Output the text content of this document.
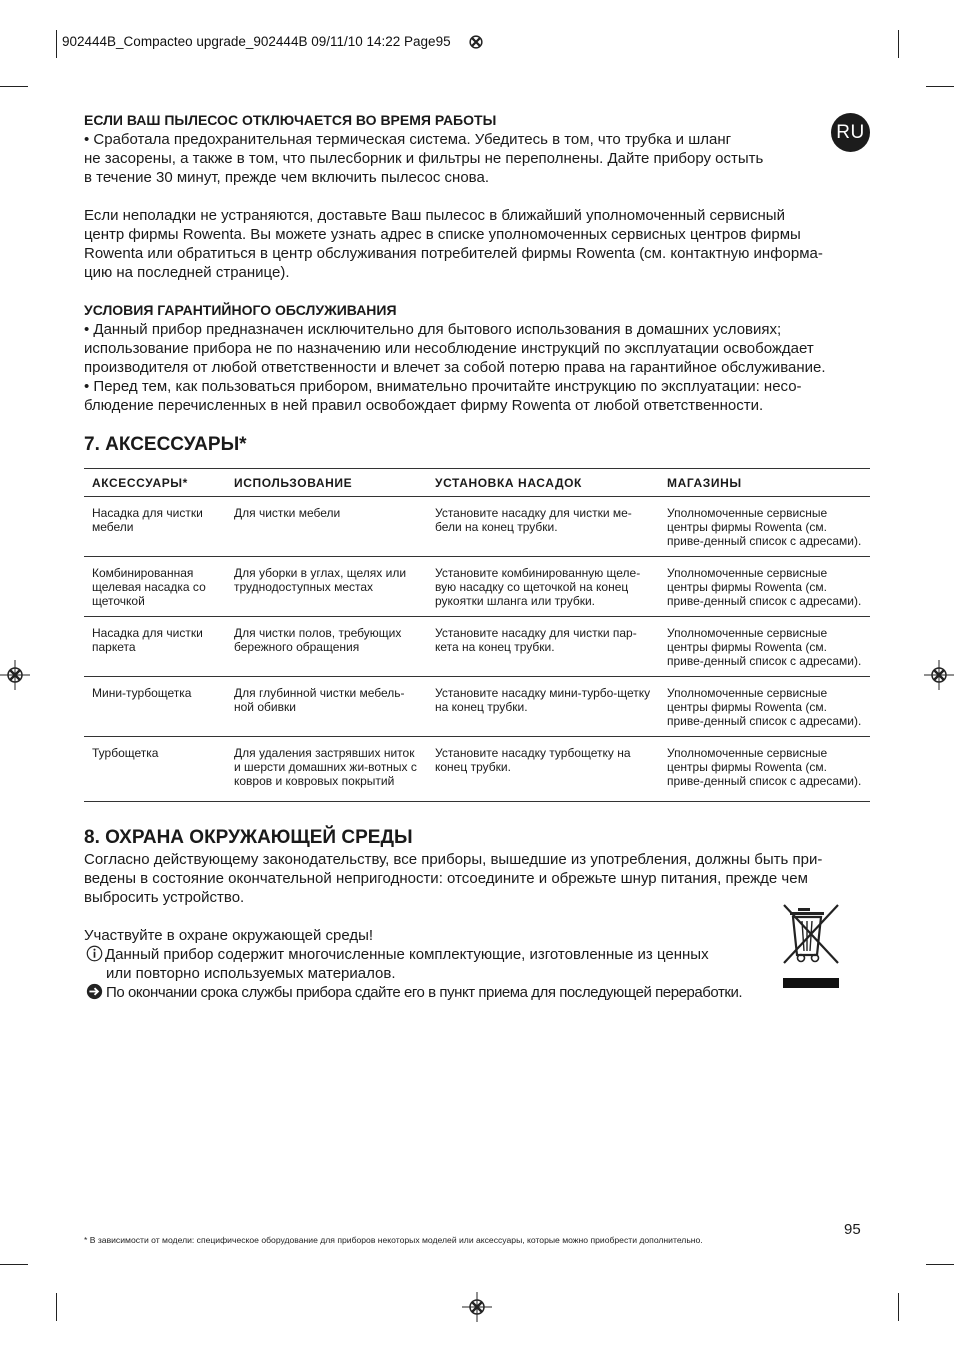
902444B_Compacteo upgrade_902444B 09/11/10 14:22 Page95
RU
ЕСЛИ ВАШ ПЫЛЕСОС ОТКЛЮЧАЕТСЯ ВО ВРЕМЯ РАБОТЫ

• Сработала предохранительная термическая система. Убедитесь в том, что трубка и шланг

не засорены, а также в том, что пылесборник и фильтры не переполнены. Дайте прибору остыть

в течение 30 минут, прежде чем включить пылесос снова.

Если неполадки не устраняются, доставьте Ваш пылесос в ближайший уполномоченный сервисный

центр фирмы Rowenta. Вы можете узнать адрес в списке уполномоченных сервисных центров фирмы

Rowenta или обратиться в центр обслуживания потребителей фирмы Rowenta (см. контактную информа-

цию на последней странице).

УСЛОВИЯ ГАРАНТИЙНОГО ОБСЛУЖИВАНИЯ

• Данный прибор предназначен исключительно для бытового использования в домашних условиях;

использование прибора не по назначению или несоблюдение инструкций по эксплуатации освобождает

производителя от любой ответственности и влечет за собой потерю права на гарантийное обслуживание.

• Перед тем, как пользоваться прибором, внимательно прочитайте инструкцию по эксплуатации: несо-

блюдение перечисленных в ней правил освобождает фирму Rowenta от любой ответственности.

7. АКСЕССУАРЫ*
АКСЕССУАРЫ*	ИСПОЛЬЗОВАНИЕ	УСТАНОВКА НАСАДОК	МАГАЗИНЫ
Насадка для чистки мебели	Для чистки мебели	Установите насадку для чистки ме-бели на конец трубки.	Уполномоченные сервисные центры фирмы Rowenta (см. приве-денный список с адресами).
Комбинированная щелевая насадка со щеточкой	Для уборки в углах, щелях или труднодоступных местах	Установите комбинированную щеле-вую насадку со щеточкой на конец рукоятки шланга или трубки.	Уполномоченные сервисные центры фирмы Rowenta (см. приве-денный список с адресами).
Насадка для чистки паркета	Для чистки полов, требующих бережного обращения	Установите насадку для чистки пар-кета на конец трубки.	Уполномоченные сервисные центры фирмы Rowenta (см. приве-денный список с адресами).
Мини-турбощетка	Для глубинной чистки мебель-ной обивки	Установите насадку мини-турбо-щетку на конец трубки.	Уполномоченные сервисные центры фирмы Rowenta (см. приве-денный список с адресами).
Турбощетка	Для удаления застрявших ниток и шерсти домашних жи-вотных с ковров и ковровых покрытий	Установите насадку турбощетку на конец трубки.	Уполномоченные сервисные центры фирмы Rowenta (см. приве-денный список с адресами).
8. ОХРАНА ОКРУЖАЮЩЕЙ СРЕДЫ

Согласно действующему законодательству, все приборы, вышедшие из употребления, должны быть при-

ведены в состояние окончательной непригодности: отсоедините и обрежьте шнур питания, прежде чем

выбросить устройство.

Участвуйте в охране окружающей среды!

Данный прибор содержит многочисленные комплектующие, изготовленные из ценных

или повторно используемых материалов.

По окончании срока службы прибора сдайте его в пункт приема для последующей переработки.

95
* В зависимости от модели: специфическое оборудование для приборов некоторых моделей или аксессуары, которые можно приобрести дополнительно.
